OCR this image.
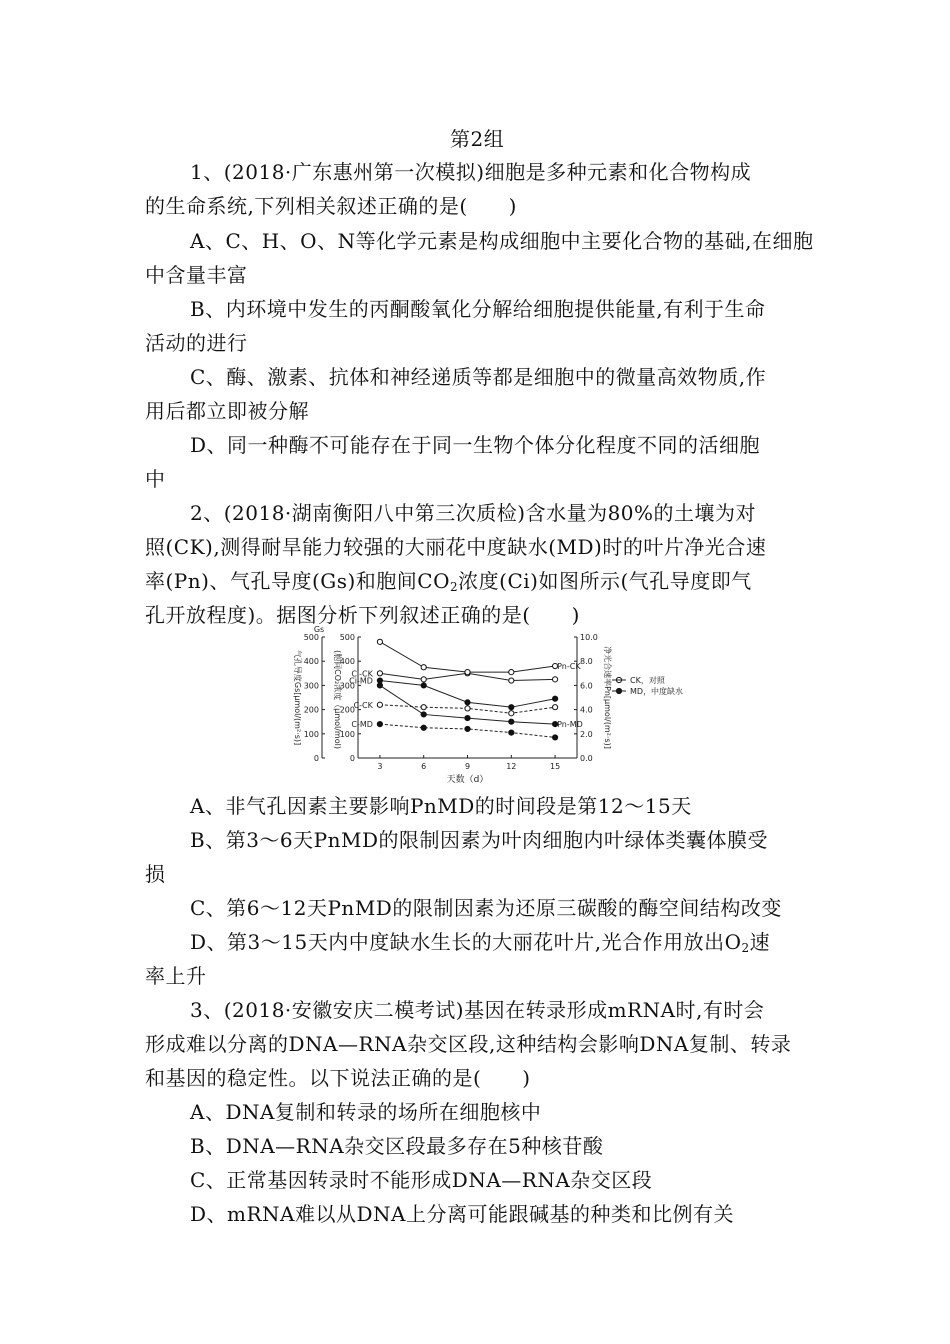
第2组
1、(2018·广东惠州第一次模拟)细胞是多种元素和化合物构成
的生命系统,下列相关叙述正确的是(　　)
A、C、H、O、N等化学元素是构成细胞中主要化合物的基础,在细胞
中含量丰富
B、内环境中发生的丙酮酸氧化分解给细胞提供能量,有利于生命
活动的进行
C、酶、激素、抗体和神经递质等都是细胞中的微量高效物质,作
用后都立即被分解
D、同一种酶不可能存在于同一生物个体分化程度不同的活细胞
中
2、(2018·湖南衡阳八中第三次质检)含水量为80%的土壤为对
照(CK),测得耐旱能力较强的大丽花中度缺水(MD)时的叶片净光合速
率(Pn)、气孔导度(Gs)和胞间$CO_2$浓度(Ci)如图所示(气孔导度即气
孔开放程度)。据图分析下列叙述正确的是(　　)
Gs
500
400
300
200
100
0
气孔导度Gs[μmol/(m²·s)]
500
400
300
200
100
0
(胞间CO₂浓度（μmol/mol)
10.0
8.0
6.0
4.0
2.0
0.0
净光合速率Pn[μmol/(m²·s)]
3	6	9	12	15
天数（d）
CK，对照
MD，中度缺水
Ci-CK
Ci-MD
Pn-CK
Pn-MD
C-CK
C-MD
A、非气孔因素主要影响PnMD的时间段是第12～15天
B、第3～6天PnMD的限制因素为叶肉细胞内叶绿体类囊体膜受
损
C、第6～12天PnMD的限制因素为还原三碳酸的酶空间结构改变
D、第3～15天内中度缺水生长的大丽花叶片,光合作用放出$O_2$速
率上升
3、(2018·安徽安庆二模考试)基因在转录形成mRNA时,有时会
形成难以分离的DNA—RNA杂交区段,这种结构会影响DNA复制、转录
和基因的稳定性。以下说法正确的是(　　)
A、DNA复制和转录的场所在细胞核中
B、DNA—RNA杂交区段最多存在5种核苷酸
C、正常基因转录时不能形成DNA—RNA杂交区段
D、mRNA难以从DNA上分离可能跟碱基的种类和比例有关
